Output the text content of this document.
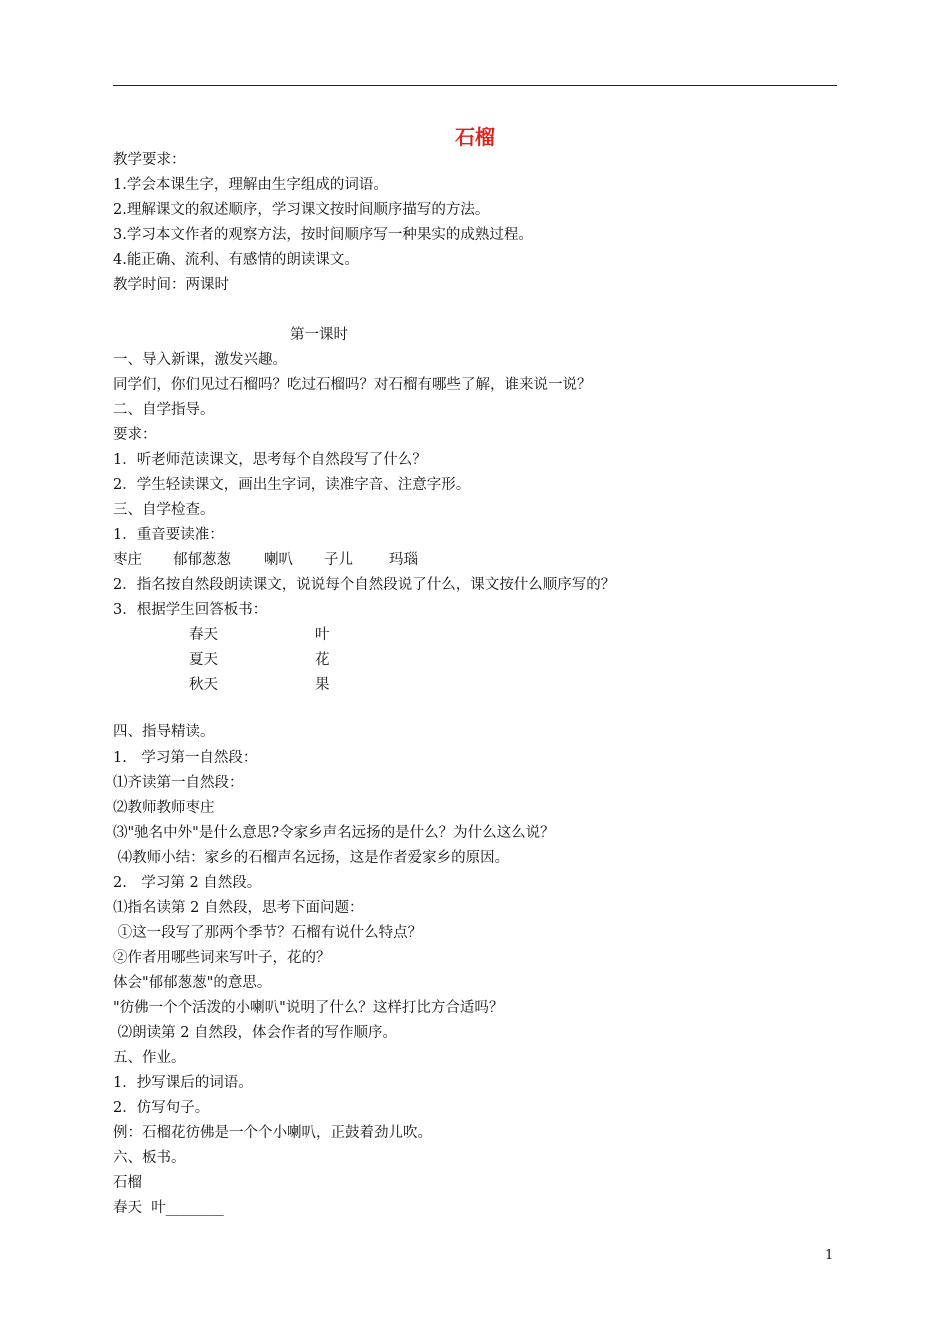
石榴
教学要求：
1.学会本课生字，理解由生字组成的词语。
2.理解课文的叙述顺序，学习课文按时间顺序描写的方法。
3.学习本文作者的观察方法，按时间顺序写一种果实的成熟过程。
4.能正确、流利、有感情的朗读课文。
教学时间：两课时
第一课时
一、导入新课，激发兴趣。
同学们，你们见过石榴吗？吃过石榴吗？对石榴有哪些了解，谁来说一说？
二、自学指导。
要求：
1．听老师范读课文，思考每个自然段写了什么？
2．学生轻读课文，画出生字词，读准字音、注意字形。
三、自学检查。
1．重音要读准：
枣庄 郁郁葱葱 喇叭 子儿 玛瑙
2．指名按自然段朗读课文，说说每个自然段说了什么，课文按什么顺序写的？
3．根据学生回答板书：
春天	叶
夏天	花
秋天	果
四、指导精读。
1.　学习第一自然段：
⑴齐读第一自然段：
⑵教师教师枣庄
⑶"驰名中外"是什么意思?令家乡声名远扬的是什么？为什么这么说？
⑷教师小结：家乡的石榴声名远扬，这是作者爱家乡的原因。
2.　学习第 2 自然段。
⑴指名读第 2 自然段，思考下面问题：
①这一段写了那两个季节？石榴有说什么特点？
②作者用哪些词来写叶子，花的？
体会"郁郁葱葱"的意思。
"彷佛一个个活泼的小喇叭"说明了什么？这样打比方合适吗？
⑵朗读第 2 自然段，体会作者的写作顺序。
五、作业。
1．抄写课后的词语。
2．仿写句子。
例：石榴花彷佛是一个个小喇叭，正鼓着劲儿吹。
六、板书。
石榴
春天  叶________
1
